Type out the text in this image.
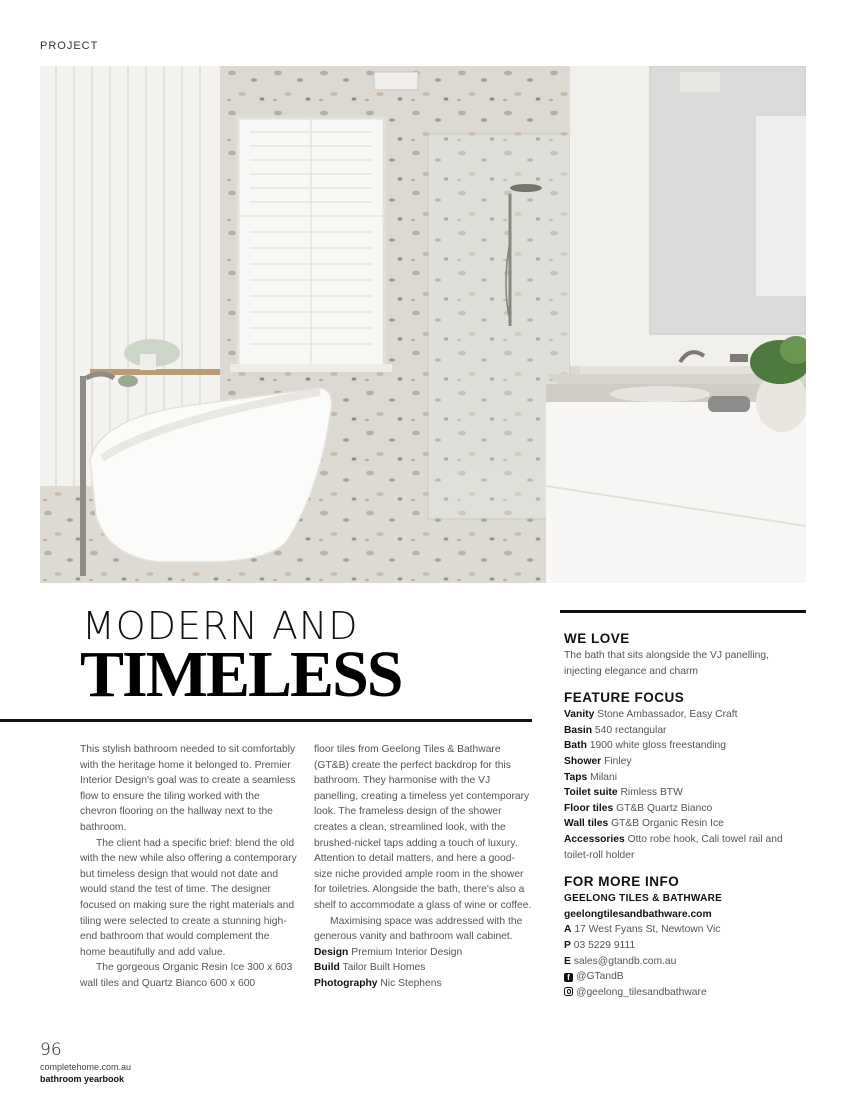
PROJECT
MODERN AND
TIMELESS

This stylish bathroom needed to sit comfortably with the heritage home it belonged to. Premier Interior Design's goal was to create a seamless flow to ensure the tiling worked with the chevron flooring on the hallway next to the bathroom.

The client had a specific brief: blend the old with the new while also offering a contemporary but timeless design that would not date and would stand the test of time. The designer focused on making sure the right materials and tiling were selected to create a stunning high-end bathroom that would complement the home beautifully and add value.

The gorgeous Organic Resin Ice 300 x 603 wall tiles and Quartz Bianco 600 x 600

floor tiles from Geelong Tiles & Bathware (GT&B) create the perfect backdrop for this bathroom. They harmonise with the VJ panelling, creating a timeless yet contemporary look. The frameless design of the shower creates a clean, streamlined look, with the brushed-nickel taps adding a touch of luxury. Attention to detail matters, and here a good-size niche provided ample room in the shower for toiletries. Alongside the bath, there's also a shelf to accommodate a glass of wine or coffee.

Maximising space was addressed with the generous vanity and bathroom wall cabinet.

Design Premium Interior Design

Build Tailor Built Homes

Photography Nic Stephens

WE LOVE
The bath that sits alongside the VJ panelling, injecting elegance and charm
FEATURE FOCUS
Vanity Stone Ambassador, Easy Craft
Basin 540 rectangular
Bath 1900 white gloss freestanding
Shower Finley
Taps Milani
Toilet suite Rimless BTW
Floor tiles GT&B Quartz Bianco
Wall tiles GT&B Organic Resin Ice
Accessories Otto robe hook, Cali towel rail and toilet-roll holder
FOR MORE INFO
GEELONG TILES & BATHWARE
geelongtilesandbathware.com
A 17 West Fyans St, Newtown Vic
P 03 5229 9111
E sales@gtandb.com.au
f @GTandB
@geelong_tilesandbathware
96
completehome.com.au
bathroom yearbook
